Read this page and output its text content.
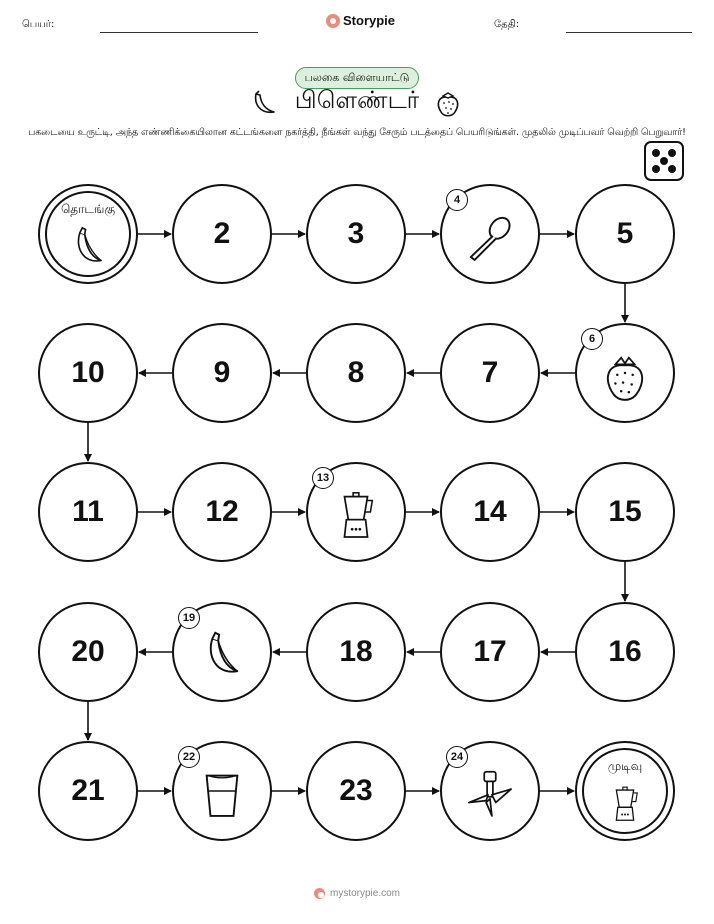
பெயர்:	Storypie	தேதி:
பலகை விளையாட்டு
பிளெண்டர்
பகடையை உருட்டி, அந்த எண்ணிக்கையிலான கட்டங்களை நகர்த்தி, நீங்கள் வந்து சேரும் படத்தைப் பெயரிடுங்கள். முதலில் முடிப்பவர் வெற்றி பெறுவார்!
முடிவு
23
21
20	18	17	16
15
14
12
11
10	9	8	7
5
3
2
தொடங்கு
4
6
13
19
22	24
mystorypie.com
